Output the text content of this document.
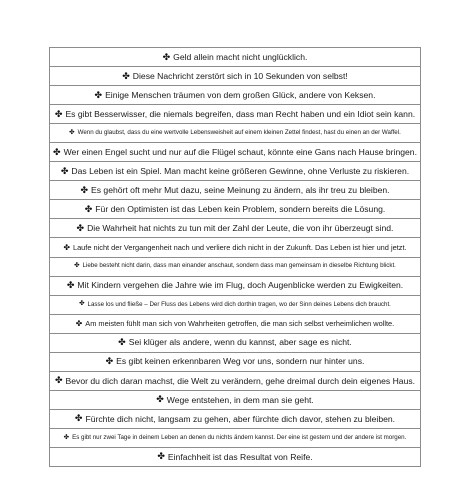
✤ Geld allein macht nicht unglücklich.
✤ Diese Nachricht zerstört sich in 10 Sekunden von selbst!
✤ Einige Menschen träumen von dem großen Glück, andere von Keksen.
✤ Es gibt Besserwisser, die niemals begreifen, dass man Recht haben und ein Idiot sein kann.
✤ Wenn du glaubst, dass du eine wertvolle Lebensweisheit auf einem kleinen Zettel findest, hast du einen an der Waffel.
✤ Wer einen Engel sucht und nur auf die Flügel schaut, könnte eine Gans nach Hause bringen.
✤ Das Leben ist ein Spiel. Man macht keine größeren Gewinne, ohne Verluste zu riskieren.
✤ Es gehört oft mehr Mut dazu, seine Meinung zu ändern, als ihr treu zu bleiben.
✤ Für den Optimisten ist das Leben kein Problem, sondern bereits die Lösung.
✤ Die Wahrheit hat nichts zu tun mit der Zahl der Leute, die von ihr überzeugt sind.
✤ Laufe nicht der Vergangenheit nach und verliere dich nicht in der Zukunft. Das Leben ist hier und jetzt.
✤ Liebe besteht nicht darin, dass man einander anschaut, sondern dass man gemeinsam in dieselbe Richtung blickt.
✤ Mit Kindern vergehen die Jahre wie im Flug, doch Augenblicke werden zu Ewigkeiten.
✤ Lasse los und fließe – Der Fluss des Lebens wird dich dorthin tragen, wo der Sinn deines Lebens dich braucht.
✤ Am meisten fühlt man sich von Wahrheiten getroffen, die man sich selbst verheimlichen wollte.
✤ Sei klüger als andere, wenn du kannst, aber sage es nicht.
✤ Es gibt keinen erkennbaren Weg vor uns, sondern nur hinter uns.
✤ Bevor du dich daran machst, die Welt zu verändern, gehe dreimal durch dein eigenes Haus.
✤ Wege entstehen, in dem man sie geht.
✤ Fürchte dich nicht, langsam zu gehen, aber fürchte dich davor, stehen zu bleiben.
✤ Es gibt nur zwei Tage in deinem Leben an denen du nichts ändern kannst. Der eine ist gestern und der andere ist morgen.
✤ Einfachheit ist das Resultat von Reife.
